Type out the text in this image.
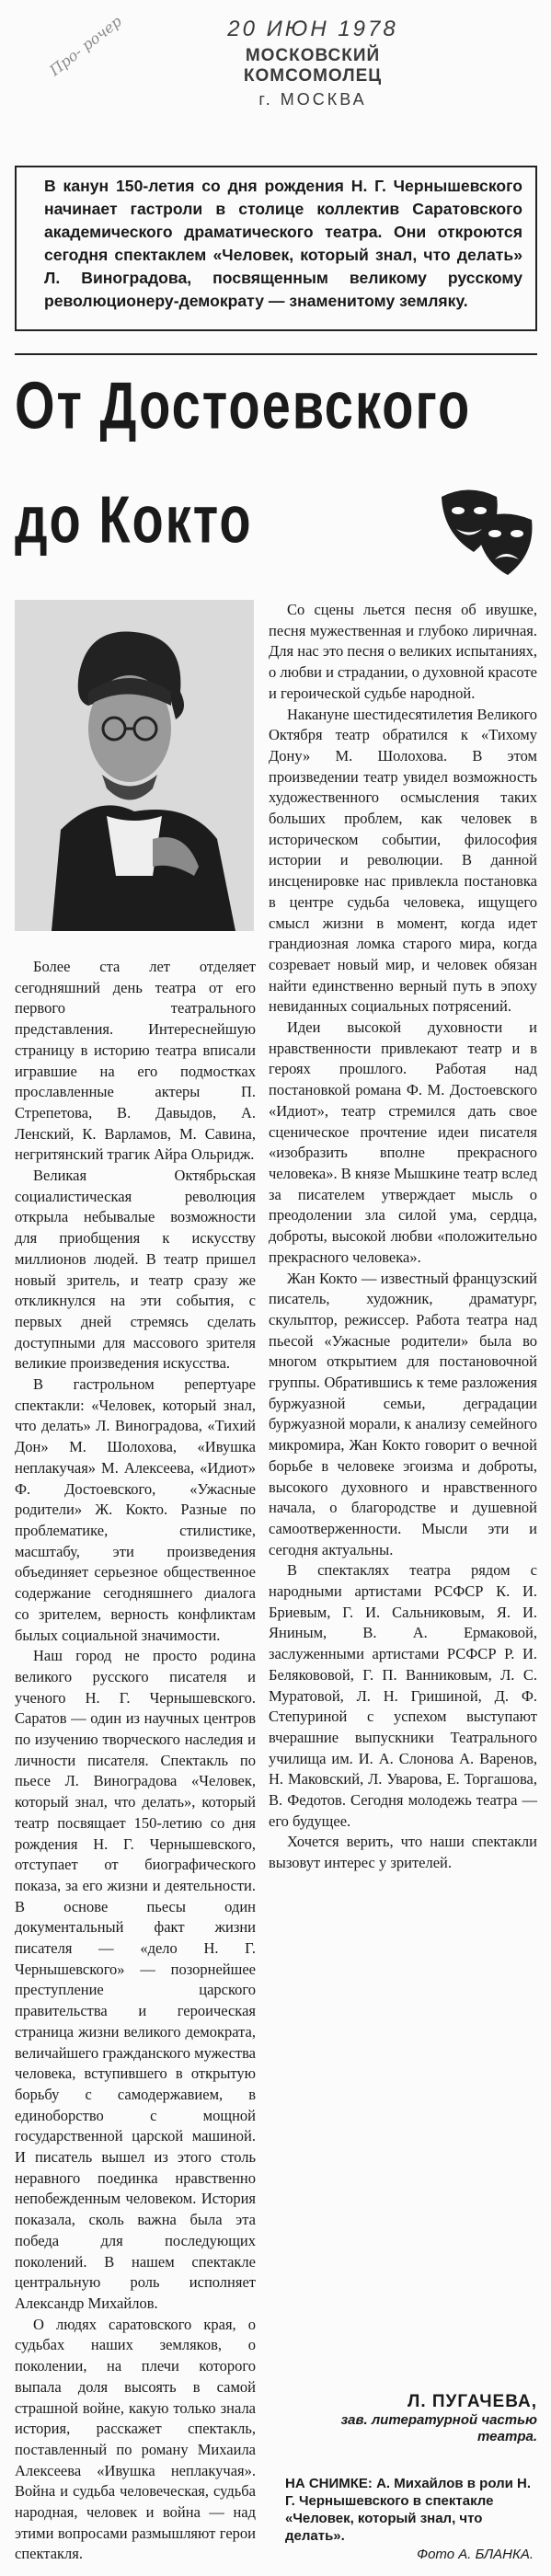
Про- рочер	20 ИЮН 1978
МОСКОВСКИЙ КОМСОМОЛЕЦ
г. МОСКВА
В канун 150-летия со дня рождения Н. Г. Чернышевского начинает гастроли в столице коллектив Саратовского академического драматического театра. Они откроются сегодня спектаклем «Человек, который знал, что делать» Л. Виноградова, посвященным великому русскому революционеру-демократу — знаменитому земляку.
От Достоевского
до Кокто

Более ста лет отделяет сегодняшний день театра от его первого театрального представления. Интереснейшую страницу в историю театра вписали игравшие на его подмостках прославленные актеры П. Стрепетова, В. Давыдов, А. Ленский, К. Варламов, М. Савина, негритянский трагик Айра Ольридж.

Великая Октябрьская социалистическая революция открыла небывалые возможности для приобщения к искусству миллионов людей. В театр пришел новый зритель, и театр сразу же откликнулся на эти события, с первых дней стремясь сделать доступными для массового зрителя великие произведения искусства.

В гастрольном репертуаре спектакли: «Человек, который знал, что делать» Л. Виноградова, «Тихий Дон» М. Шолохова, «Ивушка неплакучая» М. Алексеева, «Идиот» Ф. Достоевского, «Ужасные родители» Ж. Кокто. Разные по проблематике, стилистике, масштабу, эти произведения объединяет серьезное общественное содержание сегодняшнего диалога со зрителем, верность конфликтам былых социальной значимости.

Наш город не просто родина великого русского писателя и ученого Н. Г. Чернышевского. Саратов — один из научных центров по изучению творческого наследия и личности писателя. Спектакль по пьесе Л. Виноградова «Человек, который знал, что делать», который театр посвящает 150-летию со дня рождения Н. Г. Чернышевского, отступает от биографического показа, за его жизни и деятельности. В основе пьесы один документальный факт жизни писателя — «дело Н. Г. Чернышевского» — позорнейшее преступление царского правительства и героическая страница жизни великого демократа, величайшего гражданского мужества человека, вступившего в открытую борьбу с самодержавием, в единоборство с мощной государственной царской машиной. И писатель вышел из этого столь неравного поединка нравственно непобежденным человеком. История показала, сколь важна была эта победа для последующих поколений. В нашем спектакле центральную роль исполняет Александр Михайлов.

О людях саратовского края, о судьбах наших земляков, о поколении, на плечи которого выпала доля высоять в самой страшной войне, какую только знала история, расскажет спектакль, поставленный по роману Михаила Алексеева «Ивушка неплакучая». Война и судьба человеческая, судьба народная, человек и война — над этими вопросами размышляют герои спектакля.

Со сцены льется песня об ивушке, песня мужественная и глубоко лиричная. Для нас это песня о великих испытаниях, о любви и страдании, о духовной красоте и героической судьбе народной.

Накануне шестидесятилетия Великого Октября театр обратился к «Тихому Дону» М. Шолохова. В этом произведении театр увидел возможность художественного осмысления таких больших проблем, как человек в историческом событии, философия истории и революции. В данной инсценировке нас привлекла постановка в центре судьба человека, ищущего смысл жизни в момент, когда идет грандиозная ломка старого мира, когда созревает новый мир, и человек обязан найти единственно верный путь в эпоху невиданных социальных потрясений.

Идеи высокой духовности и нравственности привлекают театр и в героях прошлого. Работая над постановкой романа Ф. М. Достоевского «Идиот», театр стремился дать свое сценическое прочтение идеи писателя «изобразить вполне прекрасного человека». В князе Мышкине театр вслед за писателем утверждает мысль о преодолении зла силой ума, сердца, доброты, высокой любви «положительно прекрасного человека».

Жан Кокто — известный французский писатель, художник, драматург, скульптор, режиссер. Работа театра над пьесой «Ужасные родители» была во многом открытием для постановочной группы. Обратившись к теме разложения буржуазной семьи, деградации буржуазной морали, к анализу семейного микромира, Жан Кокто говорит о вечной борьбе в человеке эгоизма и доброты, высокого духовного и нравственного начала, о благородстве и душевной самоотверженности. Мысли эти и сегодня актуальны.

В спектаклях театра рядом с народными артистами РСФСР К. И. Бриевым, Г. И. Сальниковым, Я. И. Яниным, В. А. Ермаковой, заслуженными артистами РСФСР Р. И. Белякововой, Г. П. Ванниковым, Л. С. Муратовой, Л. Н. Гришиной, Д. Ф. Степуриной с успехом выступают вчерашние выпускники Театрального училища им. И. А. Слонова А. Варенов, Н. Маковский, Л. Уварова, Е. Торгашова, В. Федотов. Сегодня молодежь театра — его будущее.

Хочется верить, что наши спектакли вызовут интерес у зрителей.

Л. ПУГАЧЕВА,
зав. литературной частью театра.
НА СНИМКЕ: А. Михайлов в роли Н. Г. Чернышевского в спектакле «Человек, который знал, что делать».
Фото А. БЛАНКА.
